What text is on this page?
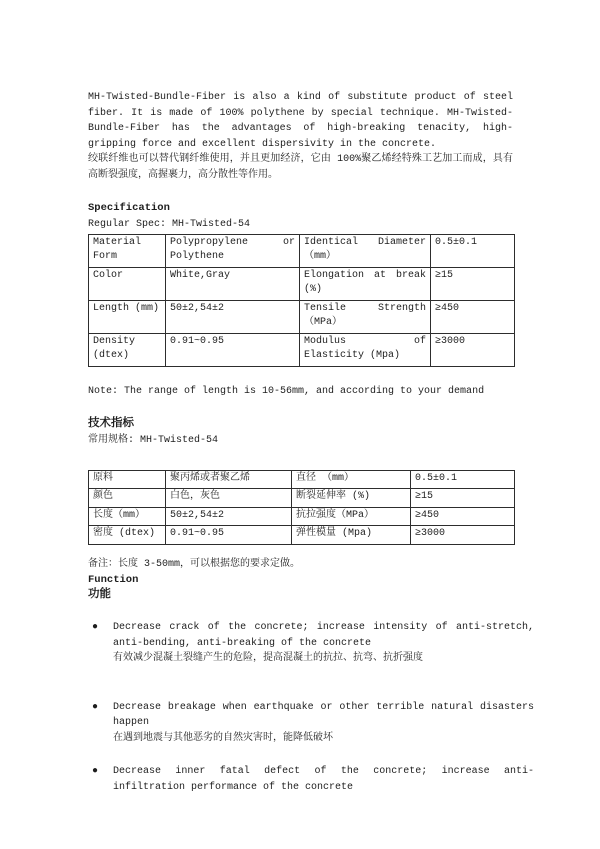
MH-Twisted-Bundle-Fiber is also a kind of substitute product of steel fiber. It is made of 100% polythene by special technique. MH-Twisted-Bundle-Fiber has the advantages of high-breaking tenacity, high-gripping force and excellent dispersivity in the concrete.

绞联纤维也可以替代钢纤维使用，并且更加经济，它由 100%聚乙烯经特殊工艺加工而成，具有高断裂强度，高握裹力，高分散性等作用。

Specification

Regular Spec: MH-Twisted-54

Material Form	Polypropylene or Polythene	Identical Diameter （mm）	0.5±0.1
Color	White,Gray	Elongation at break (%)	≥15
Length (mm)	50±2,54±2	Tensile Strength （MPa）	≥450
Density (dtex)	0.91~0.95	Modulus of Elasticity (Mpa)	≥3000

Note: The range of length is 10-56mm, and according to your demand

技术指标

常用规格: MH-Twisted-54

原料	聚丙烯或者聚乙烯	直径 （mm）	0.5±0.1
颜色	白色，灰色	断裂延伸率 (%)	≥15
长度（mm）	50±2,54±2	抗拉强度（MPa）	≥450
密度 (dtex)	0.91~0.95	弹性模量 (Mpa)	≥3000

备注：长度 3-50mm，可以根据您的要求定做。

Function

功能

●	Decrease crack of the concrete; increase intensity of anti-stretch, anti-bending, anti-breaking of the concrete
有效减少混凝土裂缝产生的危险，提高混凝土的抗拉、抗弯、抗折强度
●	Decrease breakage when earthquake or other terrible natural disasters happen
在遇到地震与其他恶劣的自然灾害时，能降低破坏
●	Decrease inner fatal defect of the concrete; increase anti-infiltration performance of the concrete
